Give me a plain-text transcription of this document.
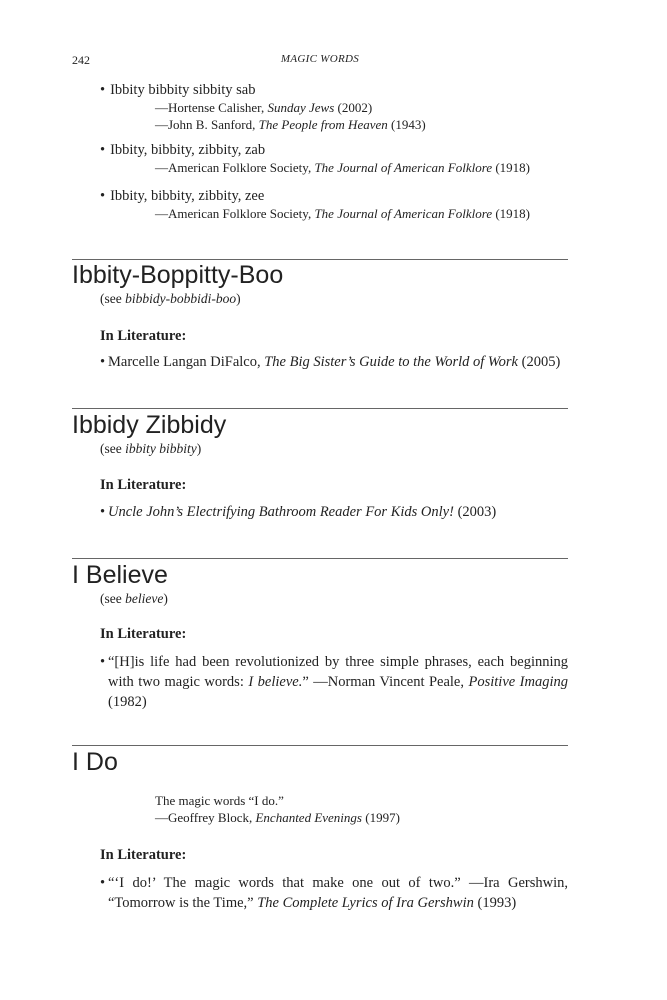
242	MAGIC WORDS
• Ibbity bibbity sibbity sab
—Hortense Calisher, Sunday Jews (2002)
—John B. Sanford, The People from Heaven (1943)
• Ibbity, bibbity, zibbity, zab
—American Folklore Society, The Journal of American Folklore (1918)
• Ibbity, bibbity, zibbity, zee
—American Folklore Society, The Journal of American Folklore (1918)
Ibbity-Boppitty-Boo
(see bibbidy-bobbidi-boo)
In Literature:
• Marcelle Langan DiFalco, The Big Sister’s Guide to the World of Work (2005)
Ibbidy Zibbidy
(see ibbity bibbity)
In Literature:
• Uncle John’s Electrifying Bathroom Reader For Kids Only! (2003)
I Believe
(see believe)
In Literature:
• “[H]is life had been revolutionized by three simple phrases, each beginning with two magic words: I believe.” —Norman Vincent Peale, Positive Imaging (1982)
I Do
The magic words “I do.”
—Geoffrey Block, Enchanted Evenings (1997)
In Literature:
• “‘I do!’ The magic words that make one out of two.” —Ira Gershwin, “Tomorrow is the Time,” The Complete Lyrics of Ira Gershwin (1993)
